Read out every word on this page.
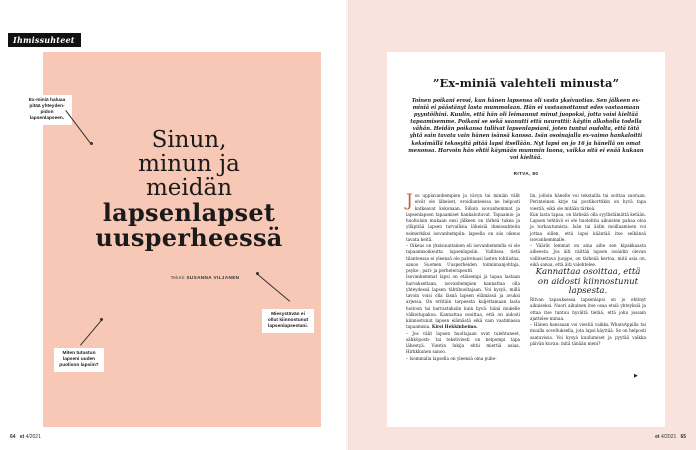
Ihmissuhteet
Sinun,
minun ja
meidän
lapsenlapset
uusperheessä
Teksti SUSANNA VILJANEN
Ex-miniä haluaa pitää yhteyden-pidon lapsenlapseen.
Miesystävän ei ollut kiinnostunut lapsenlapsestani.
Miten tutustun lapseni uuden puolison lapsiin?
64 et 4/2021	et 4/2021 65
”Ex-miniä valehteli minusta”

Toinen poikani erosi, kun hänen lapsensa oli vasta yksivuotias. Sen jälkeen ex-miniä ei päästänyt lasta mummolaan. Hän ei vastaanottanut edes vastaamaan pyyntöihini. Kuulin, että hän oli leimannut minut juopoksi, jotta voisi kieltää tapaamisemme. Poikani se sekä saanutti että naurattii: käytin alkoholia todella vähän. Heidän poikansa tuliivat lapsenlapsiani, joten tuntui oudolta, että tätä yhtä sain tavata vain hänen isänsä kanssa. Isän osoinajalla ex-vaimo hankaloitti keksimällä tekosyitä pitää lapsi itsellään. Nyt lapsi on jo 16 ja hänellä on omat menonsa. Harvoin hän ehtii käymään mummin luona, vaikka sitä ei enää kukaan voi kieltää.

RITVA, 80

Jos uppiavanhempien ja vävyn tai miniän välit eivät ole läheiset, eroidlanteessa ne helposti katkeavat kokonaan. Silloin isovanhemmat ja lapsenlapsen tapaamiset hankaloituvat. Tapaamis- ja huoltolain mukaan ensi jälkeen on tärkeä tukea ja ylläpitää lapsen turvallisia läheisiä ihmissuhteita esimerkiksi isovanhempiin: lapsella on siis oikeus tavata heitä.

– Oikeus on yksisuuntainen eli isovanhemmilla ei ole tapaamisoikeutta lapsenlapsiin. Vallitsea tietä tilanteessa ei yleensä ole palveluasi lasten tohtiistaa, sanoo Suomen Uusperheiden toiminnanjohtaja, psyko-, pari- ja perheterapeutti

Isovanhemmat lapsi on etäisempi ja tapaa lastaan harvakseltaan, isovanhempien kannattaa olla yhteydessä lapsen tähtihuoltajaan. Voi kysyä, millä tavoin voisi olla läsnä lapsen elämässä ja avuksi arjessa. On erittäin tarpeesta kuljettamaan lasta hoitoon tai harrastuksiin kuin hyvä: hänä mukelle välkoitupakoa. Kannattaa osoittaa, että on aidosti kiinnostunut lapsen elämästä eikä vain vaatimassa tapaamisia. Kirsi Hekkinheimo.

– Jos välit lapsen huoltajaan ovat tulehtuneet, sähköposti- tai tekstiviesti on helpompi tapa lähestyä. Viestin lukija ehtii miettiä asiaa, Hirkkkunen sanoo.

– Isommalla lapsella on yleensä oma puhe-

lin, jolloin hänelle voi tekstailla tai soittaa suoraan. Perinteinen kirje tai postikorttikin on hyvä tapa viestiä, eikä ole mitään tärkeä.

Kun lasta tapaa, on tärkeää olla syyllistämättä ketään. Lapsen tehtävä ei ole huolehtia aikuisten pahaa oloa ja turhautumista. Isän tai äidin moillaamisen voi jottaa sillen, että lapsi kääntää itse selkänsä isovanhemmalle.

– Väärät lemmat on aina aihe sen kipakkaasta aiheesta. Jos äiti väittää lapsen isoäidin olevan vallitsettava juoppo, on tärkeää kertoa, mitä asia on, eikä sanoa, että äiti valehtelee.

Kannattaa osoittaa, että on aidosti kiinnostunut lapsesta.

Ritvan tapauksessa lapsenlapsi on jo ehtinyt aikuiseksi. Nuori aikuinen itse osaa etsiä yhteyksiä ja ottaa itse tuntuu hyvältä tietää, että joku jossain ajattelee minua.

– Hänen kanssaan voi viestiä vaikka WhatsAppilla tai muulla sovelluksella, jota lapsi käyttää. Se on helposti saatavissa. Voi kysyä kuulumiset ja pyytää vaikka päivän kuvan: mitä tänään meni?

▶
